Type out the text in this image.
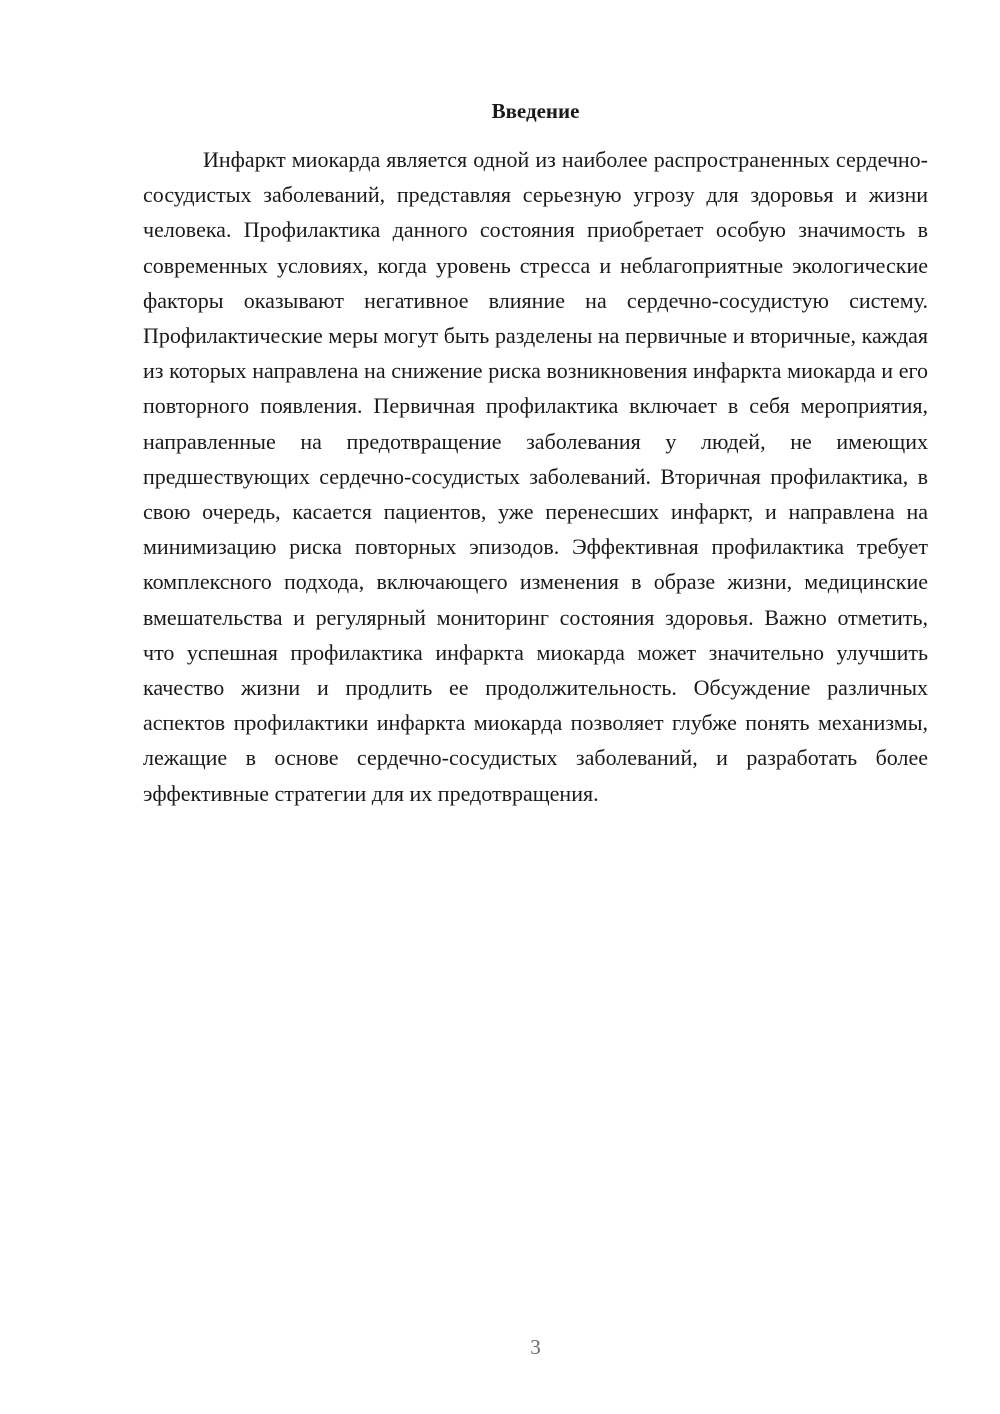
Введение

Инфаркт миокарда является одной из наиболее распространенных сердечно-сосудистых заболеваний, представляя серьезную угрозу для здоровья и жизни человека. Профилактика данного состояния приобретает особую значимость в современных условиях, когда уровень стресса и неблагоприятные экологические факторы оказывают негативное влияние на сердечно-сосудистую систему. Профилактические меры могут быть разделены на первичные и вторичные, каждая из которых направлена на снижение риска возникновения инфаркта миокарда и его повторного появления. Первичная профилактика включает в себя мероприятия, направленные на предотвращение заболевания у людей, не имеющих предшествующих сердечно-сосудистых заболеваний. Вторичная профилактика, в свою очередь, касается пациентов, уже перенесших инфаркт, и направлена на минимизацию риска повторных эпизодов. Эффективная профилактика требует комплексного подхода, включающего изменения в образе жизни, медицинские вмешательства и регулярный мониторинг состояния здоровья. Важно отметить, что успешная профилактика инфаркта миокарда может значительно улучшить качество жизни и продлить ее продолжительность. Обсуждение различных аспектов профилактики инфаркта миокарда позволяет глубже понять механизмы, лежащие в основе сердечно-сосудистых заболеваний, и разработать более эффективные стратегии для их предотвращения.

3
